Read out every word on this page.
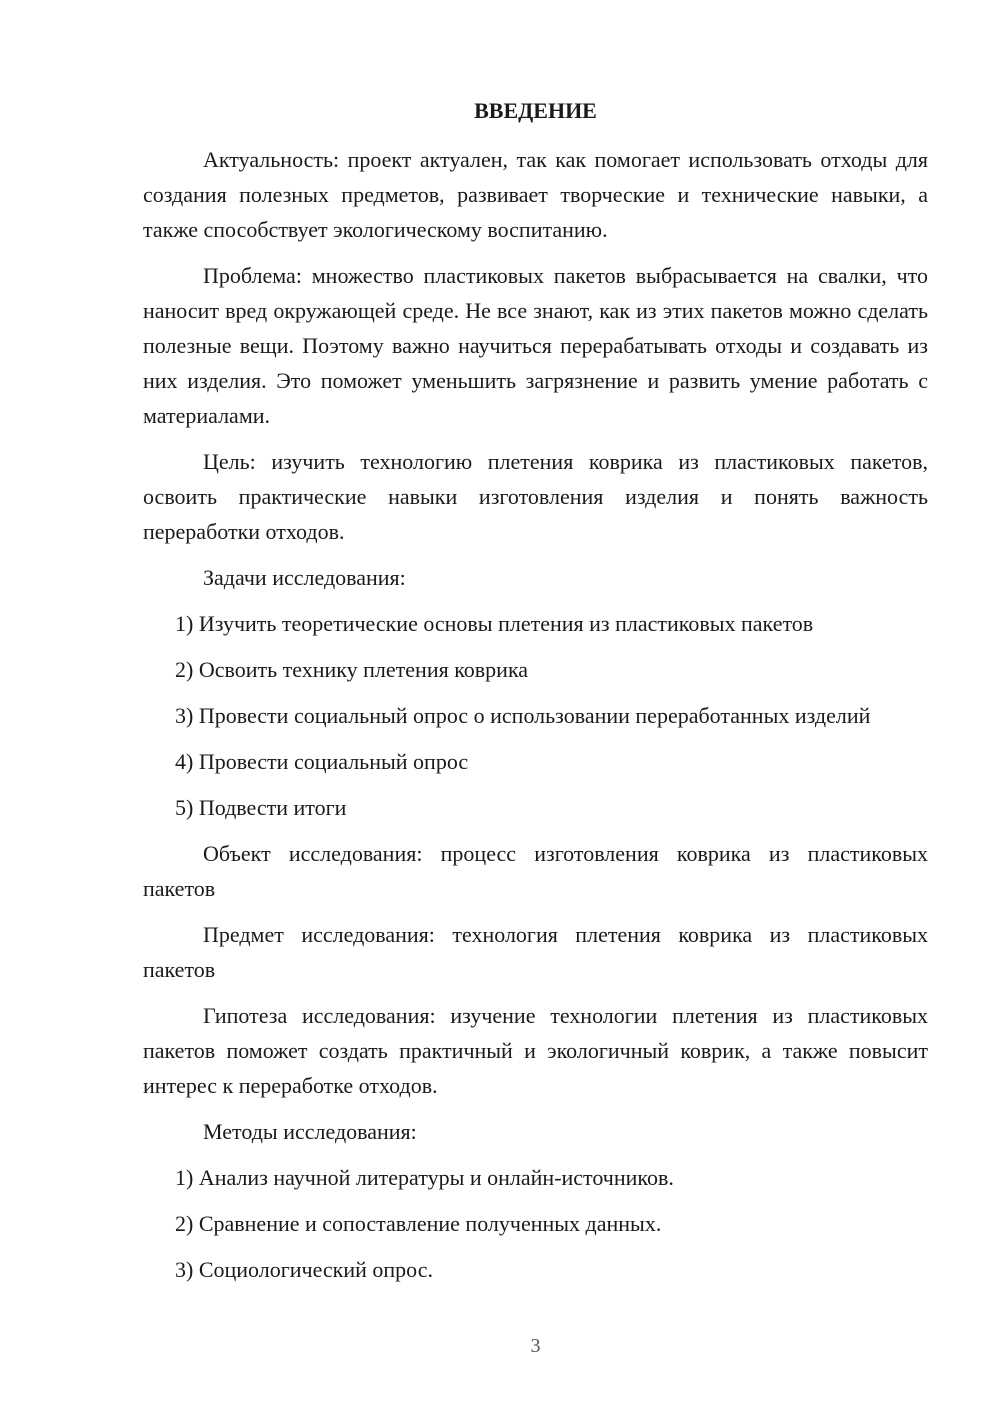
ВВЕДЕНИЕ

Актуальность: проект актуален, так как помогает использовать отходы для создания полезных предметов, развивает творческие и технические навыки, а также способствует экологическому воспитанию.

Проблема: множество пластиковых пакетов выбрасывается на свалки, что наносит вред окружающей среде. Не все знают, как из этих пакетов можно сделать полезные вещи. Поэтому важно научиться перерабатывать отходы и создавать из них изделия. Это поможет уменьшить загрязнение и развить умение работать с материалами.

Цель: изучить технологию плетения коврика из пластиковых пакетов, освоить практические навыки изготовления изделия и понять важность переработки отходов.

Задачи исследования:

1) Изучить теоретические основы плетения из пластиковых пакетов

2) Освоить технику плетения коврика

3) Провести социальный опрос о использовании переработанных изделий

4) Провести социальный опрос

5) Подвести итоги

Объект исследования: процесс изготовления коврика из пластиковых пакетов

Предмет исследования: технология плетения коврика из пластиковых пакетов

Гипотеза исследования: изучение технологии плетения из пластиковых пакетов поможет создать практичный и экологичный коврик, а также повысит интерес к переработке отходов.

Методы исследования:

1) Анализ научной литературы и онлайн-источников.

2) Сравнение и сопоставление полученных данных.

3) Социологический опрос.

3
